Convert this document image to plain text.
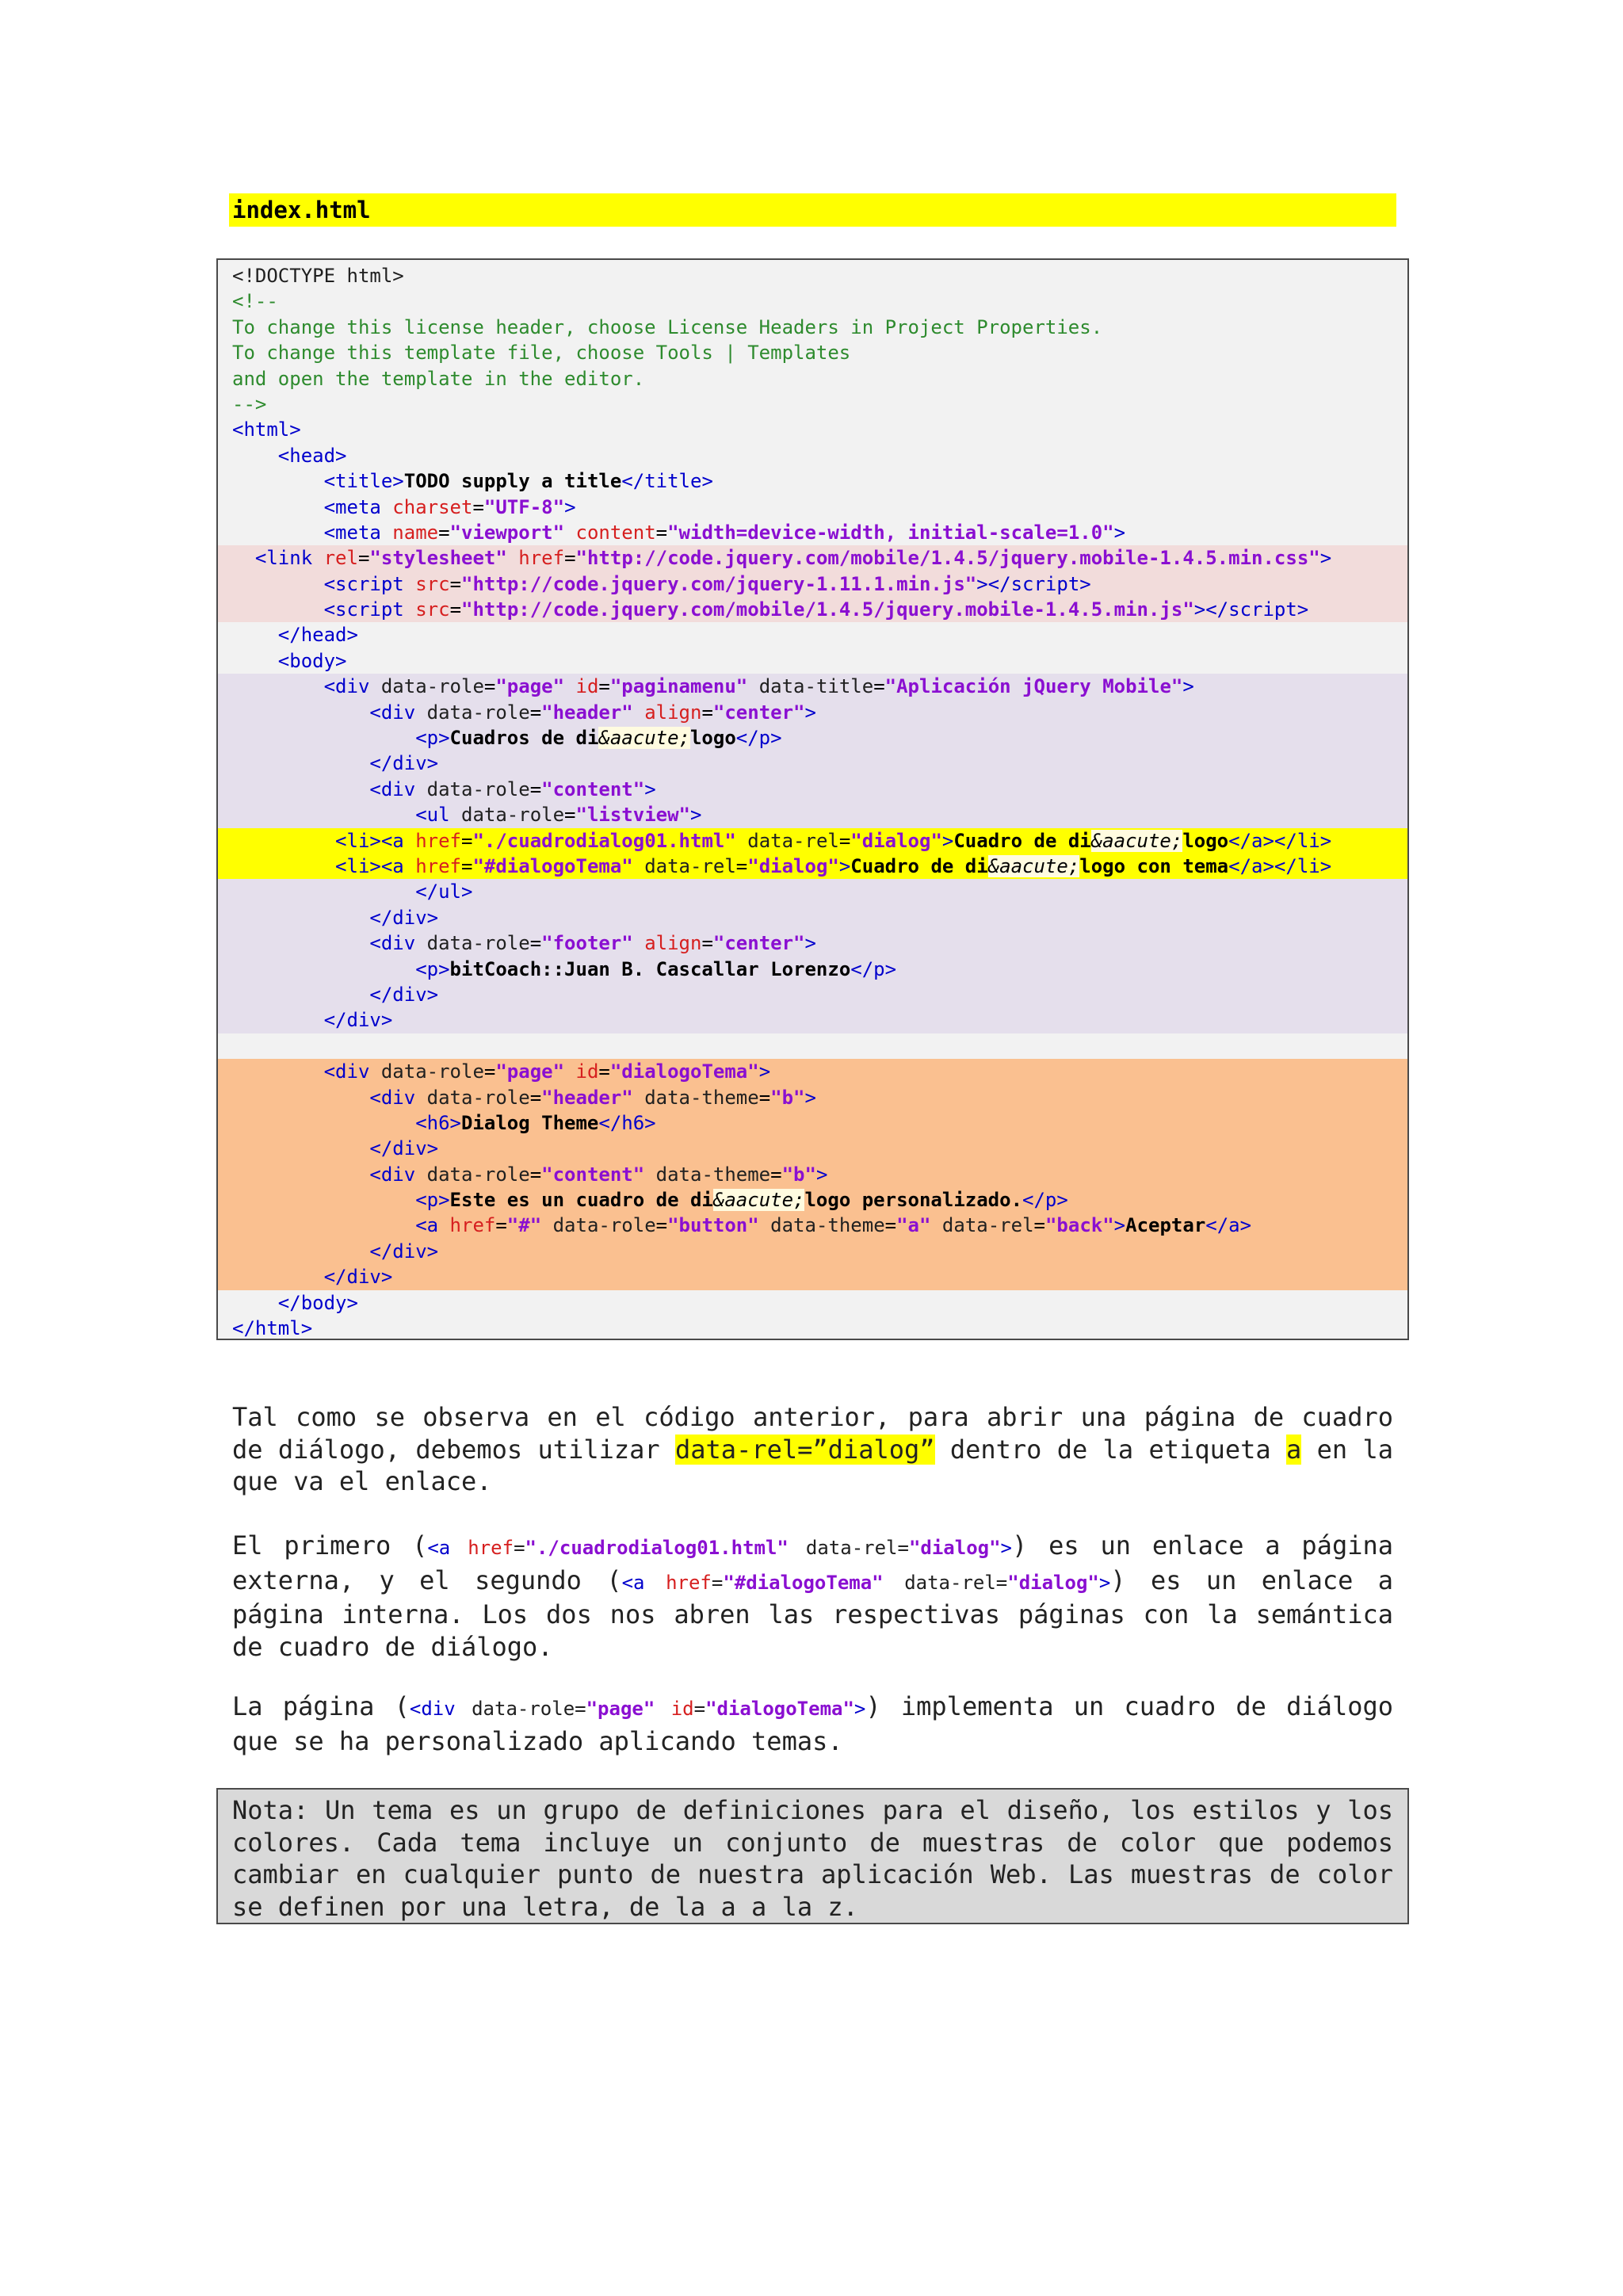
index.html
<!DOCTYPE html>
<!--
To change this license header, choose License Headers in Project Properties.
To change this template file, choose Tools | Templates
and open the template in the editor.
-->
<html>
<head>
<title>TODO supply a title</title>
<meta charset="UTF-8">
<meta name="viewport" content="width=device-width, initial-scale=1.0">
<link rel="stylesheet" href="http://code.jquery.com/mobile/1.4.5/jquery.mobile-1.4.5.min.css">
<script src="http://code.jquery.com/jquery-1.11.1.min.js"></script>
<script src="http://code.jquery.com/mobile/1.4.5/jquery.mobile-1.4.5.min.js"></script>
</head>
<body>
<div data-role="page" id="paginamenu" data-title="Aplicación jQuery Mobile">
<div data-role="header" align="center">
<p>Cuadros de di&aacute;logo</p>
</div>
<div data-role="content">
<ul data-role="listview">
<li><a href="./cuadrodialog01.html" data-rel="dialog">Cuadro de di&aacute;logo</a></li>
<li><a href="#dialogoTema" data-rel="dialog">Cuadro de di&aacute;logo con tema</a></li>
</ul>
</div>
<div data-role="footer" align="center">
<p>bitCoach::Juan B. Cascallar Lorenzo</p>
</div>
</div>

<div data-role="page" id="dialogoTema">
<div data-role="header" data-theme="b">
<h6>Dialog Theme</h6>
</div>
<div data-role="content" data-theme="b">
<p>Este es un cuadro de di&aacute;logo personalizado.</p>
<a href="#" data-role="button" data-theme="a" data-rel="back">Aceptar</a>
</div>
</div>
</body>
</html>
Tal como se observa en el código anterior, para abrir una página de cuadro de diálogo, debemos utilizar data-rel=”dialog” dentro de la etiqueta a en la que va el enlace.
El primero (<a href="./cuadrodialog01.html" data-rel="dialog">) es un enlace a página externa, y el segundo (<a href="#dialogoTema" data-rel="dialog">) es un enlace a página interna. Los dos nos abren las respectivas páginas con la semántica de cuadro de diálogo.
La página (<div data-role="page" id="dialogoTema">) implementa un cuadro de diálogo que se ha personalizado aplicando temas.
Nota: Un tema es un grupo de definiciones para el diseño, los estilos y los colores. Cada tema incluye un conjunto de muestras de color que podemos cambiar en cualquier punto de nuestra aplicación Web. Las muestras de color se definen por una letra, de la a a la z.
